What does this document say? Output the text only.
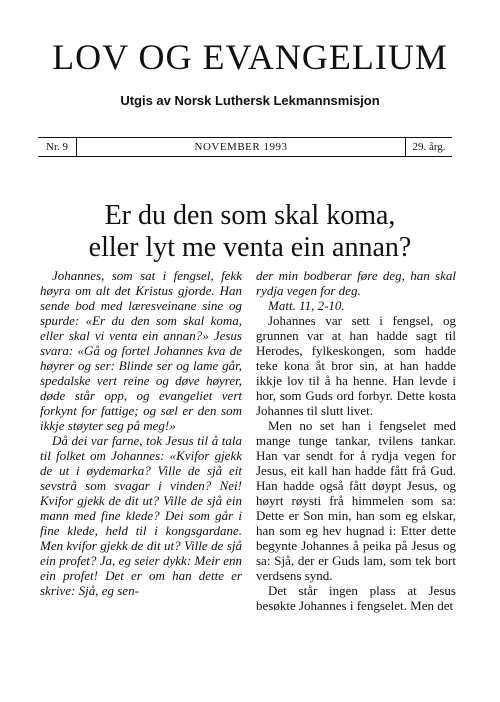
LOV OG EVANGELIUM
Utgis av Norsk Luthersk Lekmannsmisjon
Nr. 9	NOVEMBER 1993	29. årg.
Er du den som skal koma,
eller lyt me venta ein annan?

Johannes, som sat i fengsel, fekk høyra om alt det Kristus gjorde. Han sende bod med læresveinane sine og spurde: «Er du den som skal koma, eller skal vi venta ein annan?» Jesus svara: «Gå og fortel Johannes kva de høyrer og ser: Blinde ser og lame går, spedalske vert reine og døve høyrer, døde står opp, og evangeliet vert forkynt for fattige; og sæl er den som ikkje støyter seg på meg!»

Då dei var farne, tok Jesus til å tala til folket om Johannes: «Kvifor gjekk de ut i øydemarka? Ville de sjå eit sevstrå som svagar i vinden? Nei! Kvifor gjekk de dit ut? Ville de sjå ein mann med fine klede? Dei som går i fine klede, held til i kongsgardane. Men kvifor gjekk de dit ut? Ville de sjå ein profet? Ja, eg seier dykk: Meir enn ein profet! Det er om han dette er skrive: Sjå, eg sen-

der min bodberar føre deg, han skal rydja vegen for deg.

Matt. 11, 2-10.

Johannes var sett i fengsel, og grunnen var at han hadde sagt til Herodes, fylkeskongen, som hadde teke kona åt bror sin, at han hadde ikkje lov til å ha henne. Han levde i hor, som Guds ord forbyr. Dette kosta Johannes til slutt livet.

Men no set han i fengselet med mange tunge tankar, tvilens tankar. Han var sendt for å rydja vegen for Jesus, eit kall han hadde fått frå Gud. Han hadde også fått døypt Jesus, og høyrt røysti frå himmelen som sa: Dette er Son min, han som eg elskar, han som eg hev hugnad i: Etter dette begynte Johannes å peika på Jesus og sa: Sjå, der er Guds lam, som tek bort verdsens synd.

Det står ingen plass at Jesus besøkte Johannes i fengselet. Men det
